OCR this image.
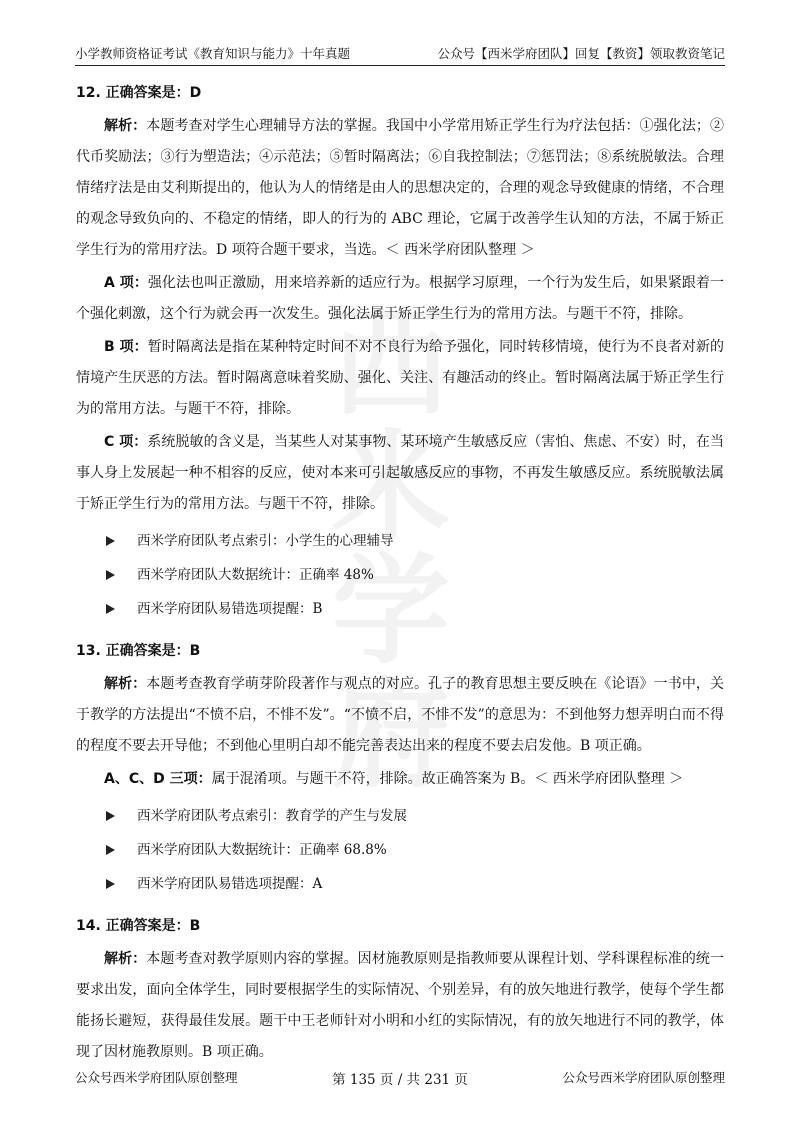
小学教师资格证考试《教育知识与能力》十年真题	公众号【西米学府团队】回复【教资】领取教资笔记
西
米
学
府

12. 正确答案是：D

解析：本题考查对学生心理辅导方法的掌握。我国中小学常用矫正学生行为疗法包括：①强化法；②代币奖励法；③行为塑造法；④示范法；⑤暂时隔离法；⑥自我控制法；⑦惩罚法；⑧系统脱敏法。合理情绪疗法是由艾利斯提出的，他认为人的情绪是由人的思想决定的，合理的观念导致健康的情绪，不合理的观念导致负向的、不稳定的情绪，即人的行为的 ABC 理论，它属于改善学生认知的方法，不属于矫正学生行为的常用疗法。D 项符合题干要求，当选。＜ 西米学府团队整理 ＞

A 项：强化法也叫正激励，用来培养新的适应行为。根据学习原理，一个行为发生后，如果紧跟着一个强化刺激，这个行为就会再一次发生。强化法属于矫正学生行为的常用方法。与题干不符，排除。

B 项：暂时隔离法是指在某种特定时间不对不良行为给予强化，同时转移情境，使行为不良者对新的情境产生厌恶的方法。暂时隔离意味着奖励、强化、关注、有趣活动的终止。暂时隔离法属于矫正学生行为的常用方法。与题干不符，排除。

C 项：系统脱敏的含义是，当某些人对某事物、某环境产生敏感反应（害怕、焦虑、不安）时，在当事人身上发展起一种不相容的反应，使对本来可引起敏感反应的事物，不再发生敏感反应。系统脱敏法属于矫正学生行为的常用方法。与题干不符，排除。

西米学府团队考点索引：小学生的心理辅导
西米学府团队大数据统计：正确率 48%
西米学府团队易错选项提醒：B

13. 正确答案是：B

解析：本题考查教育学萌芽阶段著作与观点的对应。孔子的教育思想主要反映在《论语》一书中，关于教学的方法提出“不愤不启，不悱不发”。“不愤不启，不悱不发”的意思为：不到他努力想弄明白而不得的程度不要去开导他；不到他心里明白却不能完善表达出来的程度不要去启发他。B 项正确。

A、C、D 三项：属于混淆项。与题干不符，排除。故正确答案为 B。＜ 西米学府团队整理 ＞

西米学府团队考点索引：教育学的产生与发展
西米学府团队大数据统计：正确率 68.8%
西米学府团队易错选项提醒：A

14. 正确答案是：B

解析：本题考查对教学原则内容的掌握。因材施教原则是指教师要从课程计划、学科课程标准的统一要求出发，面向全体学生，同时要根据学生的实际情况、个别差异，有的放矢地进行教学，使每个学生都能扬长避短，获得最佳发展。题干中王老师针对小明和小红的实际情况，有的放矢地进行不同的教学，体现了因材施教原则。B 项正确。

公众号西米学府团队原创整理	第 135 页 / 共 231 页	公众号西米学府团队原创整理
